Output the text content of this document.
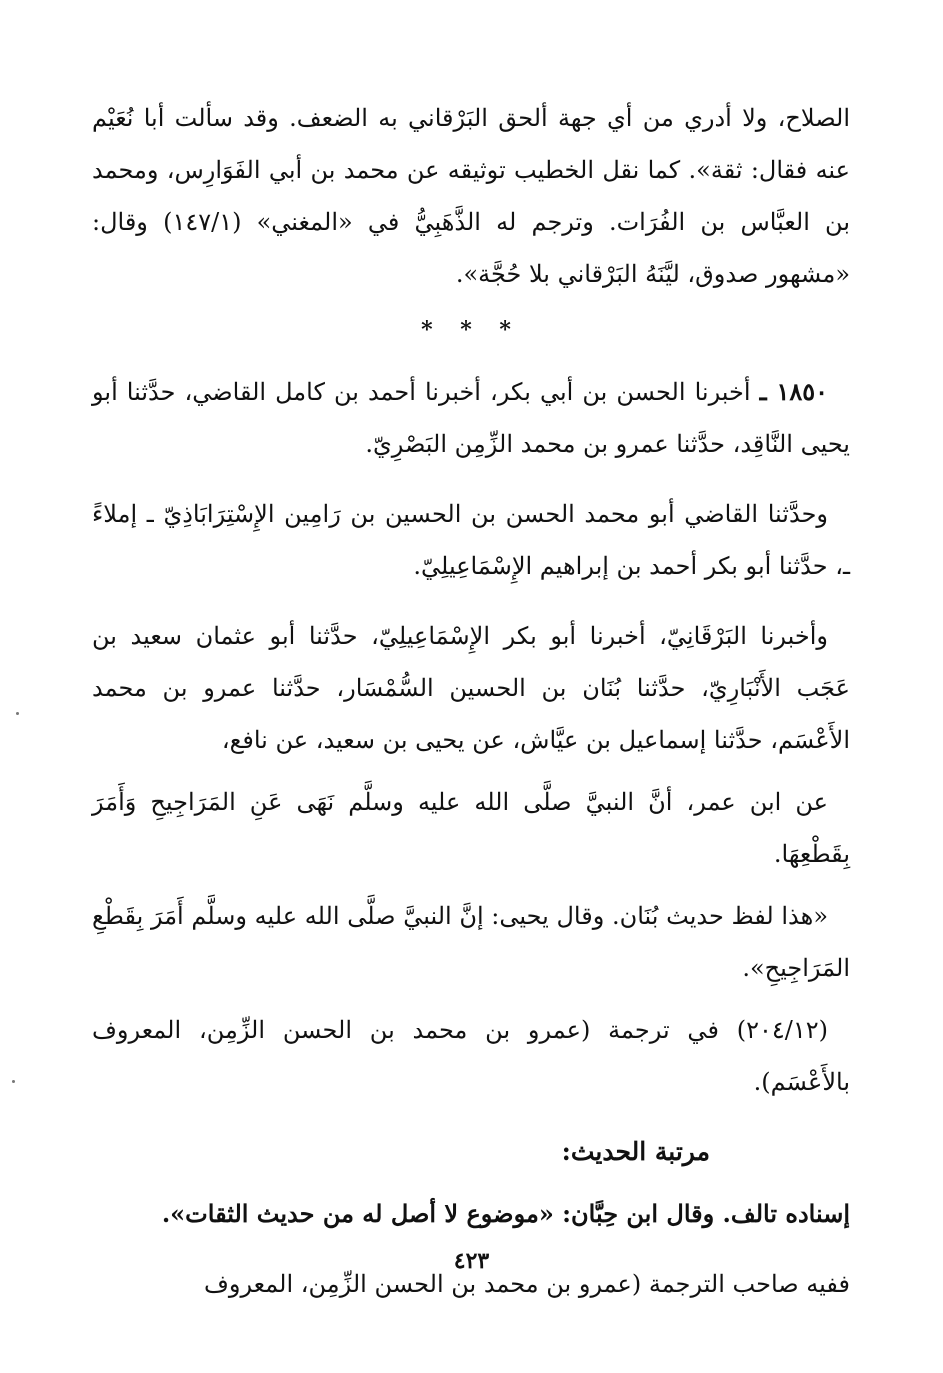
الصلاح، ولا أدري من أي جهة ألحق البَرْقاني به الضعف. وقد سألت أبا نُعَيْم عنه فقال: ثقة». كما نقل الخطيب توثيقه عن محمد بن أبي الفَوَارِس، ومحمد بن العبَّاس بن الفُرَات. وترجم له الذَّهَبِيُّ في «المغني» (١٤٧/١) وقال: «مشهور صدوق، ليَّنَهُ البَرْقاني بلا حُجَّة».

* * *

١٨٥٠ ـ أخبرنا الحسن بن أبي بكر، أخبرنا أحمد بن كامل القاضي، حدَّثنا أبو يحيى النَّاقِد، حدَّثنا عمرو بن محمد الزِّمِن البَصْرِيّ.

وحدَّثنا القاضي أبو محمد الحسن بن الحسين بن رَامِين الإِسْتِرَابَاذِيّ ـ إملاءً ـ، حدَّثنا أبو بكر أحمد بن إبراهيم الإِسْمَاعِيلِيّ.

وأخبرنا البَرْقَانِيّ، أخبرنا أبو بكر الإِسْمَاعِيلِيّ، حدَّثنا أبو عثمان سعيد بن عَجَب الأَنْبَارِيّ، حدَّثنا بُنَان بن الحسين السُّمْسَار، حدَّثنا عمرو بن محمد الأَعْسَم، حدَّثنا إسماعيل بن عيَّاش، عن يحيى بن سعيد، عن نافع،

عن ابن عمر، أنَّ النبيَّ صلَّى الله عليه وسلَّم نَهَى عَنِ المَرَاجِيحِ وَأَمَرَ بِقَطْعِهَا.

«هذا لفظ حديث بُنَان. وقال يحيى: إنَّ النبيَّ صلَّى الله عليه وسلَّم أَمَرَ بِقَطْعِ المَرَاجِيحِ».

(٢٠٤/١٢) في ترجمة (عمرو بن محمد بن الحسن الزِّمِن، المعروف بالأَعْسَم).

مرتبة الحديث:

إسناده تالف. وقال ابن حِبَّان: «موضوع لا أصل له من حديث الثقات».

ففيه صاحب الترجمة (عمرو بن محمد بن الحسن الزِّمِن، المعروف

٤٢٣
